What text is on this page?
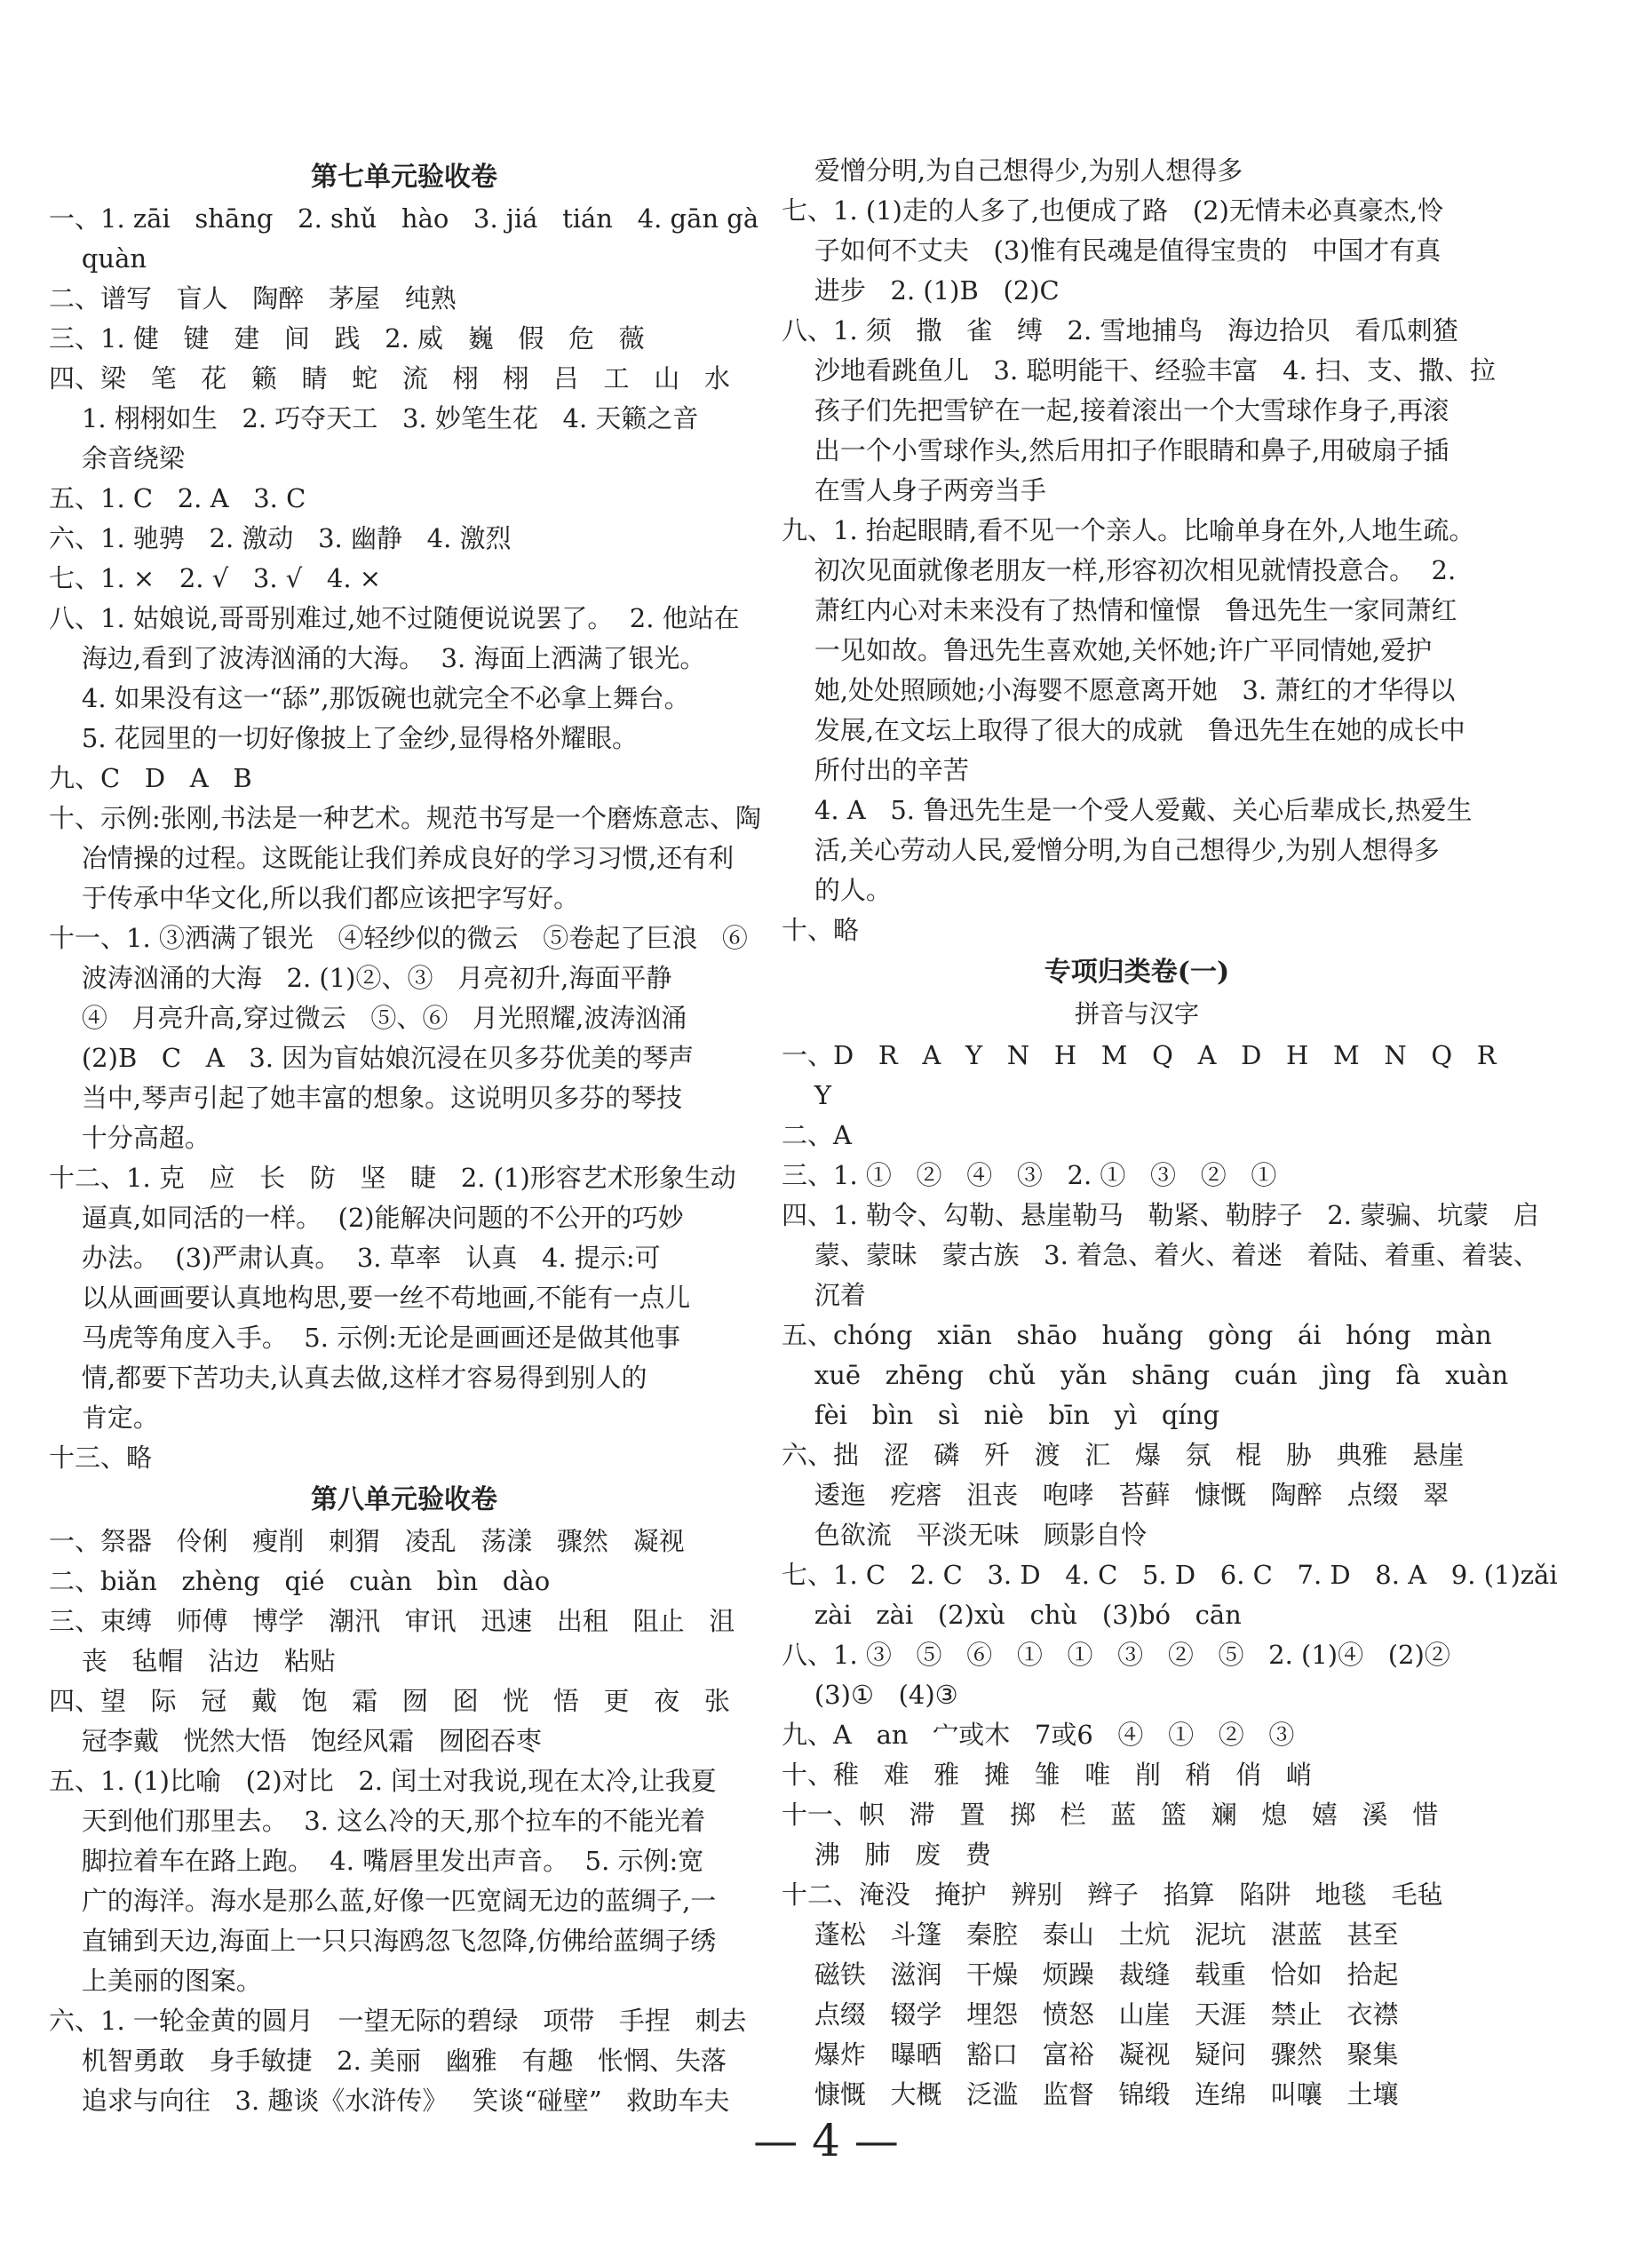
第七单元验收卷
一、1. zāi   shāng   2. shǔ   hào   3. jiá   tián   4. gān gà
quàn
二、谱写   盲人   陶醉   茅屋   纯熟
三、1. 健   键   建   间   践   2. 威   巍   假   危   薇
四、梁   笔   花   籁   睛   蛇   流   栩   栩   吕   工   山   水
1. 栩栩如生   2. 巧夺天工   3. 妙笔生花   4. 天籁之音
余音绕梁
五、1. C   2. A   3. C
六、1. 驰骋   2. 激动   3. 幽静   4. 激烈
七、1. ×   2. √   3. √   4. ×
八、1. 姑娘说,哥哥别难过,她不过随便说说罢了。  2. 他站在
海边,看到了波涛汹涌的大海。  3. 海面上洒满了银光。
4. 如果没有这一“舔”,那饭碗也就完全不必拿上舞台。
5. 花园里的一切好像披上了金纱,显得格外耀眼。
九、C   D   A   B
十、示例:张刚,书法是一种艺术。规范书写是一个磨炼意志、陶
冶情操的过程。这既能让我们养成良好的学习习惯,还有利
于传承中华文化,所以我们都应该把字写好。
十一、1. ③洒满了银光   ④轻纱似的微云   ⑤卷起了巨浪   ⑥
波涛汹涌的大海   2. (1)②、③   月亮初升,海面平静
④   月亮升高,穿过微云   ⑤、⑥   月光照耀,波涛汹涌
(2)B   C   A   3. 因为盲姑娘沉浸在贝多芬优美的琴声
当中,琴声引起了她丰富的想象。这说明贝多芬的琴技
十分高超。
十二、1. 克   应   长   防   坚   睫   2. (1)形容艺术形象生动
逼真,如同活的一样。  (2)能解决问题的不公开的巧妙
办法。  (3)严肃认真。  3. 草率   认真   4. 提示:可
以从画画要认真地构思,要一丝不苟地画,不能有一点儿
马虎等角度入手。  5. 示例:无论是画画还是做其他事
情,都要下苦功夫,认真去做,这样才容易得到别人的
肯定。
十三、略
第八单元验收卷
一、祭器   伶俐   瘦削   刺猬   凌乱   荡漾   骤然   凝视
二、biǎn   zhèng   qié   cuàn   bìn   dào
三、束缚   师傅   博学   潮汛   审讯   迅速   出租   阻止   沮
丧   毡帽   沾边   粘贴
四、望   际   冠   戴   饱   霜   囫   囵   恍   悟   更   夜   张
冠李戴   恍然大悟   饱经风霜   囫囵吞枣
五、1. (1)比喻   (2)对比   2. 闰土对我说,现在太冷,让我夏
天到他们那里去。  3. 这么冷的天,那个拉车的不能光着
脚拉着车在路上跑。  4. 嘴唇里发出声音。  5. 示例:宽
广的海洋。海水是那么蓝,好像一匹宽阔无边的蓝绸子,一
直铺到天边,海面上一只只海鸥忽飞忽降,仿佛给蓝绸子绣
上美丽的图案。
六、1. 一轮金黄的圆月   一望无际的碧绿   项带   手捏   刺去
机智勇敢   身手敏捷   2. 美丽   幽雅   有趣   怅惘、失落
追求与向往   3. 趣谈《水浒传》   笑谈“碰壁”   救助车夫
爱憎分明,为自己想得少,为别人想得多
七、1. (1)走的人多了,也便成了路   (2)无情未必真豪杰,怜
子如何不丈夫   (3)惟有民魂是值得宝贵的   中国才有真
进步   2. (1)B   (2)C
八、1. 须   撒   雀   缚   2. 雪地捕鸟   海边拾贝   看瓜刺猹
沙地看跳鱼儿   3. 聪明能干、经验丰富   4. 扫、支、撒、拉
孩子们先把雪铲在一起,接着滚出一个大雪球作身子,再滚
出一个小雪球作头,然后用扣子作眼睛和鼻子,用破扇子插
在雪人身子两旁当手
九、1. 抬起眼睛,看不见一个亲人。比喻单身在外,人地生疏。
初次见面就像老朋友一样,形容初次相见就情投意合。  2.
萧红内心对未来没有了热情和憧憬   鲁迅先生一家同萧红
一见如故。鲁迅先生喜欢她,关怀她;许广平同情她,爱护
她,处处照顾她;小海婴不愿意离开她   3. 萧红的才华得以
发展,在文坛上取得了很大的成就   鲁迅先生在她的成长中
所付出的辛苦
4. A   5. 鲁迅先生是一个受人爱戴、关心后辈成长,热爱生
活,关心劳动人民,爱憎分明,为自己想得少,为别人想得多
的人。
十、略
专项归类卷(一)
拼音与汉字
一、D   R   A   Y   N   H   M   Q   A   D   H   M   N   Q   R
Y
二、A
三、1. ①   ②   ④   ③   2. ①   ③   ②   ①
四、1. 勒令、勾勒、悬崖勒马   勒紧、勒脖子   2. 蒙骗、坑蒙   启
蒙、蒙昧   蒙古族   3. 着急、着火、着迷   着陆、着重、着装、
沉着
五、chóng   xiān   shāo   huǎng   gòng   ái   hóng   màn
xuē   zhēng   chǔ   yǎn   shāng   cuán   jìng   fà   xuàn
fèi   bìn   sì   niè   bīn   yì   qíng
六、拙   涩   磷   歼   渡   汇   爆   氛   棍   胁   典雅   悬崖
逶迤   疙瘩   沮丧   咆哮   苔藓   慷慨   陶醉   点缀   翠
色欲流   平淡无味   顾影自怜
七、1. C   2. C   3. D   4. C   5. D   6. C   7. D   8. A   9. (1)zǎi
zài   zài   (2)xù   chù   (3)bó   cān
八、1. ③   ⑤   ⑥   ①   ①   ③   ②   ⑤   2. (1)④   (2)②
(3)①   (4)③
九、A   an   宀或木   7或6   ④   ①   ②   ③
十、稚   难   雅   摊   雏   唯   削   稍   俏   峭
十一、帜   滞   置   掷   栏   蓝   篮   斓   熄   嬉   溪   惜
沸   肺   废   费
十二、淹没   掩护   辨别   辫子   掐算   陷阱   地毯   毛毡
蓬松   斗篷   秦腔   泰山   土炕   泥坑   湛蓝   甚至
磁铁   滋润   干燥   烦躁   裁缝   载重   恰如   拾起
点缀   辍学   埋怨   愤怒   山崖   天涯   禁止   衣襟
爆炸   曝晒   豁口   富裕   凝视   疑问   骤然   聚集
慷慨   大概   泛滥   监督   锦缎   连绵   叫嚷   土壤
— 4 —
